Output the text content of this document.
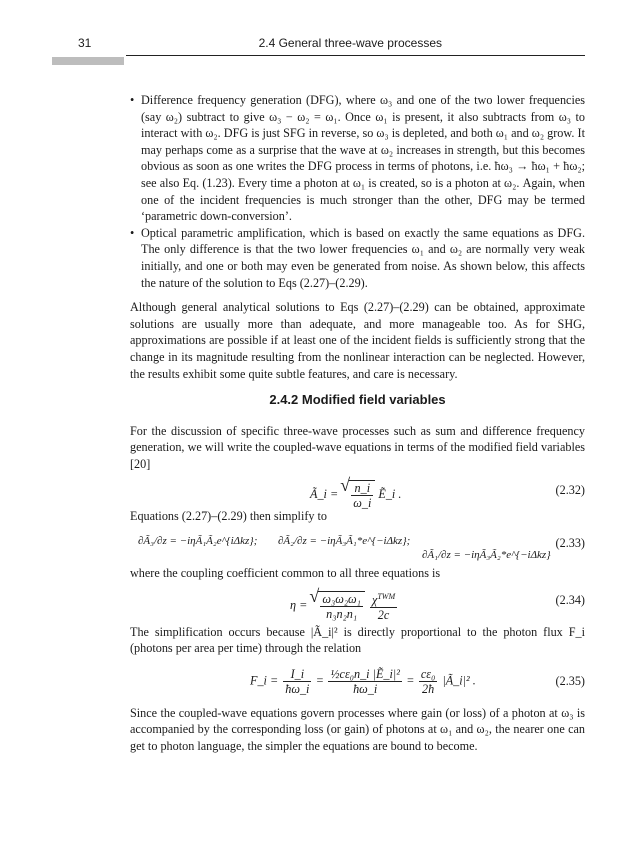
31	2.4 General three-wave processes
• Difference frequency generation (DFG), where ω₃ and one of the two lower frequencies (say ω₂) subtract to give ω₃ − ω₂ = ω₁. Once ω₁ is present, it also subtracts from ω₃ to interact with ω₂. DFG is just SFG in reverse, so ω₃ is depleted, and both ω₁ and ω₂ grow. It may perhaps come as a surprise that the wave at ω₂ increases in strength, but this becomes obvious as soon as one writes the DFG process in terms of photons, i.e. ħω₃ → ħω₁ + ħω₂; see also Eq. (1.23). Every time a photon at ω₁ is created, so is a photon at ω₂. Again, when one of the incident frequencies is much stronger than the other, DFG may be termed ‘parametric down-conversion’.
• Optical parametric amplification, which is based on exactly the same equations as DFG. The only difference is that the two lower frequencies ω₁ and ω₂ are normally very weak initially, and one or both may even be generated from noise. As shown below, this affects the nature of the solution to Eqs (2.27)–(2.29).

Although general analytical solutions to Eqs (2.27)–(2.29) can be obtained, approximate solutions are usually more than adequate, and more manageable too. As for SHG, approximations are possible if at least one of the incident fields is sufficiently strong that the change in its magnitude resulting from the nonlinear interaction can be neglected. However, the results exhibit some quite subtle features, and care is necessary.

2.4.2 Modified field variables

For the discussion of specific three-wave processes such as sum and difference frequency generation, we will write the coupled-wave equations in terms of the modified field variables [20]

Ã_i = √ $\frac{n\_i}{\omega\_i}$ Ẽ_i .	(2.32)

Equations (2.27)–(2.29) then simplify to

∂Ã₃/∂z = −iηÃ₁Ã₂e^{iΔkz}; ∂Ã₂/∂z = −iηÃ₃Ã₁*e^{−iΔkz};
∂Ã₁/∂z = −iηÃ₃Ã₂*e^{−iΔkz}
(2.33)

where the coupling coefficient common to all three equations is

η = √ $\frac{\text{ω₃ω₂ω₁}}{\text{n₃n₂n₁}}$
$\frac{\chi^{TWM}}{2c}$	(2.34)

The simplification occurs because |Ã_i|² is directly proportional to the photon flux F_i (photons per area per time) through the relation

F_i = $\frac{I\_i}{ħ\omega\_i} = \frac{\text{½cε₀n\_i |Ẽ\_i|²}}{ħ\omega\_i} = \frac{\text{cε₀}}{2ħ}$ |Ã_i|² .	(2.35)

Since the coupled-wave equations govern processes where gain (or loss) of a photon at ω₃ is accompanied by the corresponding loss (or gain) of photons at ω₁ and ω₂, the nearer one can get to photon language, the simpler the equations are bound to become.
